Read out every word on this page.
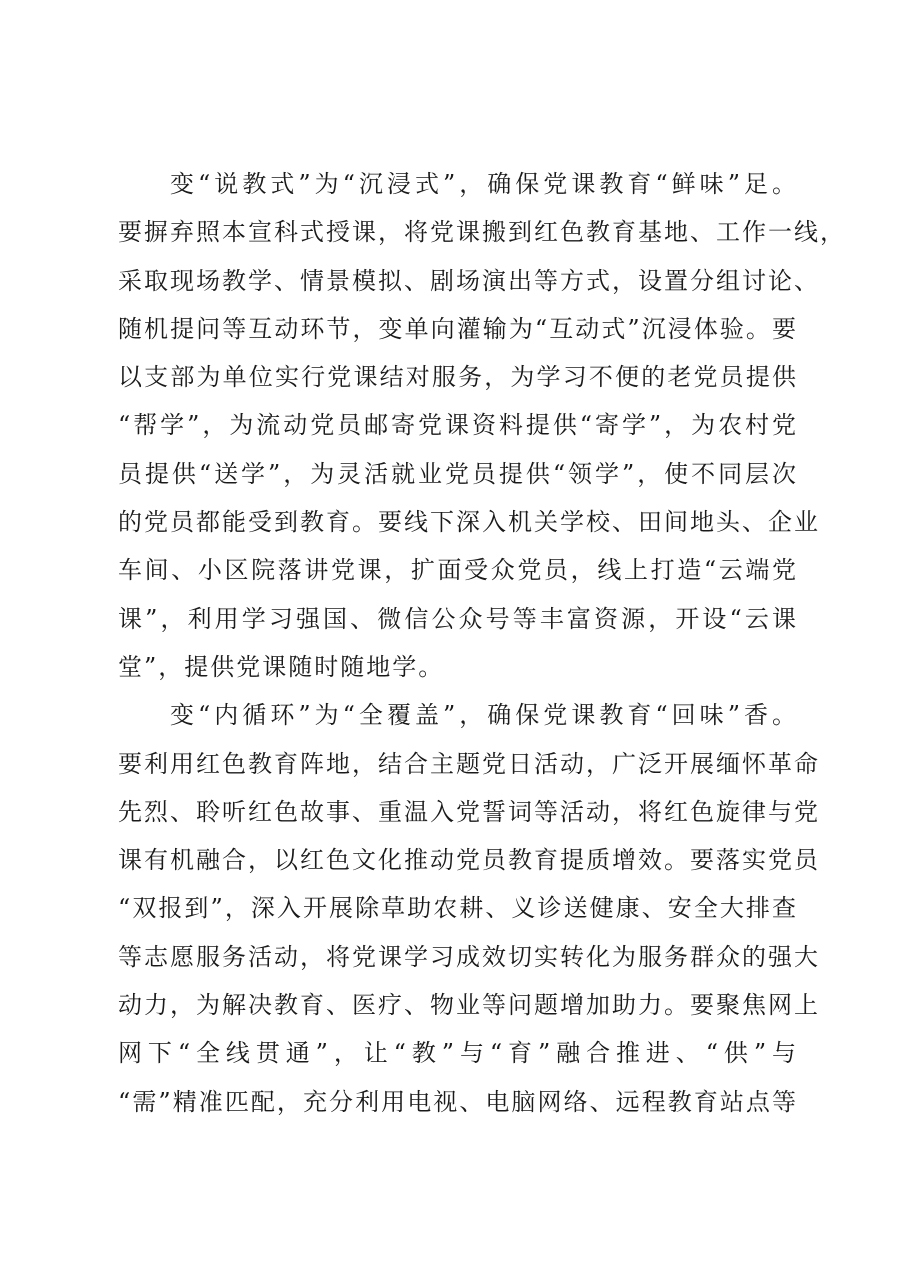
变“说教式”为“沉浸式”，确保党课教育“鲜味”足。
要摒弃照本宣科式授课，将党课搬到红色教育基地、工作一线，
采取现场教学、情景模拟、剧场演出等方式，设置分组讨论、
随机提问等互动环节，变单向灌输为“互动式”沉浸体验。要
以支部为单位实行党课结对服务，为学习不便的老党员提供
“帮学”，为流动党员邮寄党课资料提供“寄学”，为农村党
员提供“送学”，为灵活就业党员提供“领学”，使不同层次
的党员都能受到教育。要线下深入机关学校、田间地头、企业
车间、小区院落讲党课，扩面受众党员，线上打造“云端党
课”，利用学习强国、微信公众号等丰富资源，开设“云课
堂”，提供党课随时随地学。
变“内循环”为“全覆盖”，确保党课教育“回味”香。
要利用红色教育阵地，结合主题党日活动，广泛开展缅怀革命
先烈、聆听红色故事、重温入党誓词等活动，将红色旋律与党
课有机融合，以红色文化推动党员教育提质增效。要落实党员
“双报到”，深入开展除草助农耕、义诊送健康、安全大排查
等志愿服务活动，将党课学习成效切实转化为服务群众的强大
动力，为解决教育、医疗、物业等问题增加助力。要聚焦网上
网下“全线贯通”，让“教”与“育”融合推进、“供”与
“需”精准匹配，充分利用电视、电脑网络、远程教育站点等
